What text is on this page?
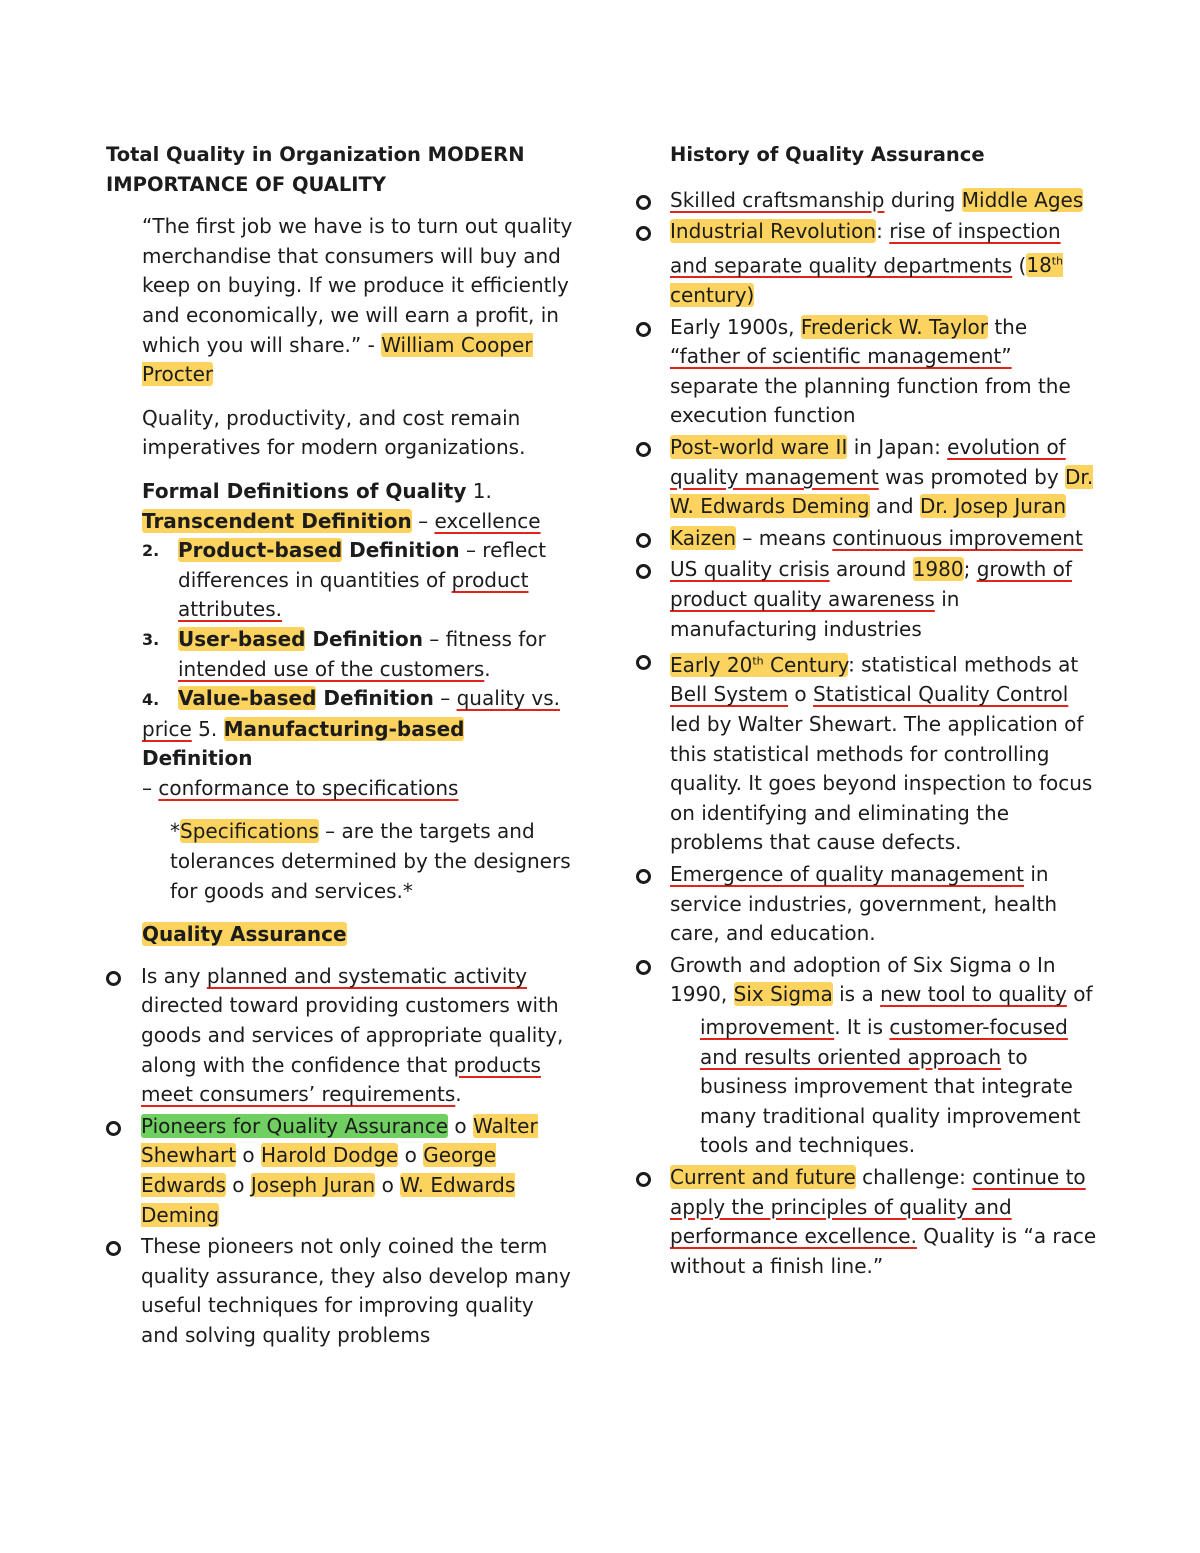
Total Quality in Organization MODERN IMPORTANCE OF QUALITY

“The first job we have is to turn out quality merchandise that consumers will buy and keep on buying. If we produce it efficiently and economically, we will earn a profit, in which you will share.” - William Cooper Procter

Quality, productivity, and cost remain imperatives for modern organizations.

Formal Definitions of Quality 1.
Transcendent Definition – excellence
2. Product-based Definition – reflect differences in quantities of product attributes.
3. User-based Definition – fitness for intended use of the customers.
4. Value-based Definition – quality vs. price 5. Manufacturing-based Definition
– conformance to specifications

*Specifications – are the targets and tolerances determined by the designers for goods and services.*

Quality Assurance

Is any planned and systematic activity directed toward providing customers with goods and services of appropriate quality, along with the confidence that products meet consumers’ requirements.
Pioneers for Quality Assurance o Walter Shewhart o Harold Dodge o George Edwards o Joseph Juran o W. Edwards Deming
These pioneers not only coined the term quality assurance, they also develop many useful techniques for improving quality and solving quality problems

History of Quality Assurance

Skilled craftsmanship during Middle Ages
Industrial Revolution: rise of inspection and separate quality departments (18th century)
Early 1900s, Frederick W. Taylor the “father of scientific management” separate the planning function from the execution function
Post-world ware II in Japan: evolution of quality management was promoted by Dr. W. Edwards Deming and Dr. Josep Juran
Kaizen – means continuous improvement
US quality crisis around 1980; growth of product quality awareness in manufacturing industries
Early 20th Century: statistical methods at Bell System o Statistical Quality Control led by Walter Shewart. The application of this statistical methods for controlling quality. It goes beyond inspection to focus on identifying and eliminating the problems that cause defects.
Emergence of quality management in service industries, government, health care, and education.
Growth and adoption of Six Sigma o In 1990, Six Sigma is a new tool to quality of
improvement. It is customer-focused and results oriented approach to business improvement that integrate many traditional quality improvement tools and techniques.
Current and future challenge: continue to apply the principles of quality and performance excellence. Quality is “a race without a finish line.”
